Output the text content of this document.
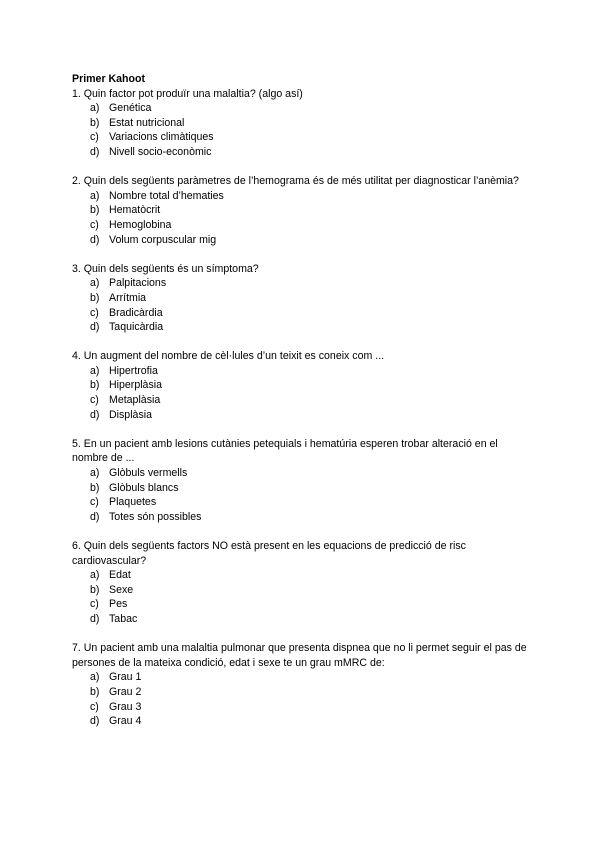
Primer Kahoot

1. Quin factor pot produïr una malaltia? (algo así)

a) Genética
b) Estat nutricional
c) Variacions climàtiques
d) Nivell socio-econòmic

2. Quin dels següents paràmetres de l’hemograma és de més utilitat per diagnosticar l’anèmia?

a) Nombre total d’hematies
b) Hematòcrit
c) Hemoglobina
d) Volum corpuscular mig

3. Quin dels següents és un símptoma?

a) Palpitacions
b) Arrítmia
c) Bradicàrdia
d) Taquicàrdia

4. Un augment del nombre de cèl·lules d’un teixit es coneix com ...

a) Hipertrofia
b) Hiperplàsia
c) Metaplàsia
d) Displàsia

5. En un pacient amb lesions cutànies petequials i hematúria esperen trobar alteració en el nombre de ...

a) Glòbuls vermells
b) Glòbuls blancs
c) Plaquetes
d) Totes són possibles

6. Quin dels següents factors NO està present en les equacions de predicció de risc cardiovascular?

a) Edat
b) Sexe
c) Pes
d) Tabac

7. Un pacient amb una malaltia pulmonar que presenta dispnea que no li permet seguir el pas de persones de la mateixa condició, edat i sexe te un grau mMRC de:

a) Grau 1
b) Grau 2
c) Grau 3
d) Grau 4
